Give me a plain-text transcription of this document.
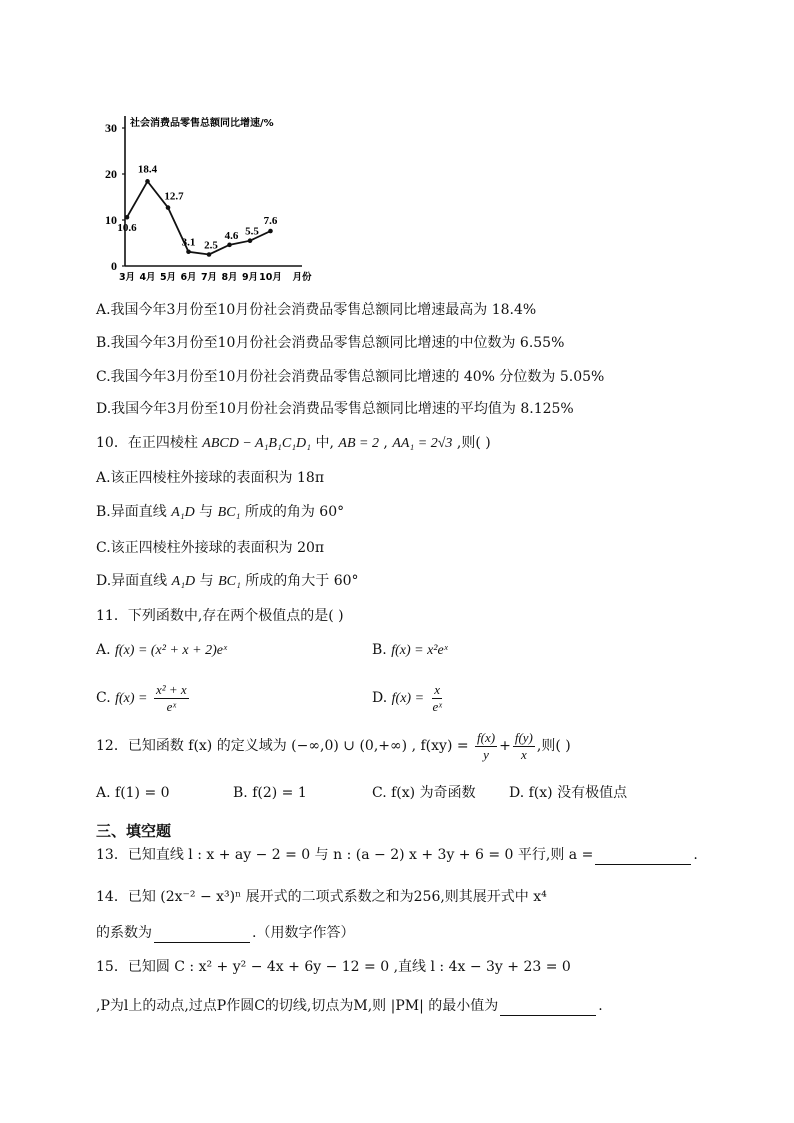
0
10
20
30 社会消费品零售总额同比增速/%
10.6
18.4
12.7
3.1 2.5
4.6 5.5
7.6
3月 4月 5月 6月 7月 8月 9月 10月 月份
A.我国今年3月份至10月份社会消费品零售总额同比增速最高为 18.4%
B.我国今年3月份至10月份社会消费品零售总额同比增速的中位数为 6.55%
C.我国今年3月份至10月份社会消费品零售总额同比增速的 40% 分位数为 5.05%
D.我国今年3月份至10月份社会消费品零售总额同比增速的平均值为 8.125%
10．在正四棱柱 ABCD − A₁B₁C₁D₁ 中, AB = 2 , AA₁ = 2√3 ,则( )
A.该正四棱柱外接球的表面积为 18π
B.异面直线 A₁D 与 BC₁ 所成的角为 60°
C.该正四棱柱外接球的表面积为 20π
D.异面直线 A₁D 与 BC₁ 所成的角大于 60°
11．下列函数中,存在两个极值点的是( )
A. f(x) = (x² + x + 2)eˣ	B. f(x) = x²eˣ
C. $f(x) = \frac{\text{x² + x}}{\text{eˣ}}$	D. $f(x) = \frac{x}{\text{eˣ}}$
12．已知函数 f(x) 的定义域为 (−∞,0) ∪ (0,+∞) , $f(xy) = \frac{f(x)}{y} + \frac{f(y)}{x}$ ,则( )
A. f(1) = 0	B. f(2) = 1	C. f(x) 为奇函数 D. f(x) 没有极值点
三、填空题
13．已知直线 l : x + ay − 2 = 0 与 n : (a − 2) x + 3y + 6 = 0 平行,则 a =	.
14．已知 (2x⁻² − x³)ⁿ 展开式的二项式系数之和为256,则其展开式中 x⁴
的系数为	.（用数字作答）
15．已知圆 C : x² + y² − 4x + 6y − 12 = 0 ,直线 l : 4x − 3y + 23 = 0
,P为l上的动点,过点P作圆C的切线,切点为M,则 |PM| 的最小值为	.
